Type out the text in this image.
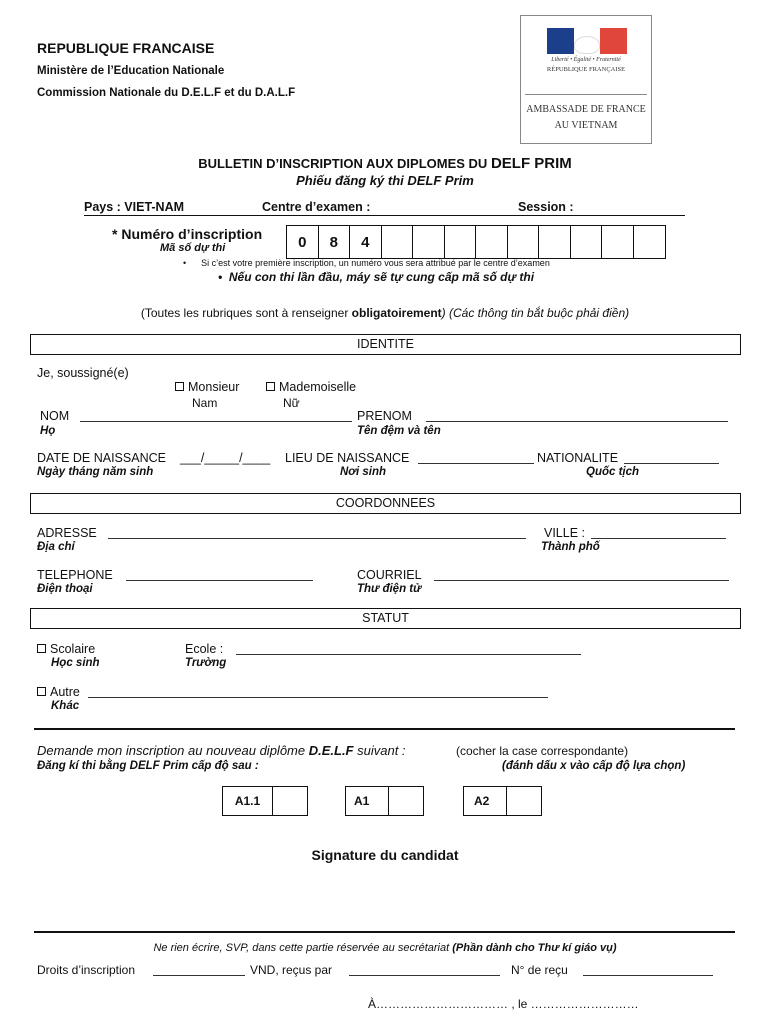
REPUBLIQUE FRANCAISE
Ministère de l’Education Nationale
Commission Nationale du D.E.L.F et du D.A.L.F
Liberté • Égalité • Fraternité
RÉPUBLIQUE FRANÇAISE
AMBASSADE DE FRANCE
AU VIETNAM
BULLETIN D’INSCRIPTION AUX DIPLOMES DU DELF PRIM
Phiếu đăng ký thi DELF Prim
Pays : VIET-NAM	Centre d’examen :	Session :
* Numéro d’inscription
Mã số dự thi	0	8	4
•      Si c’est votre première inscription, un numéro vous sera attribué par le centre d’examen
•  Nếu con thi lần đầu, máy sẽ tự cung cấp mã số dự thi
(Toutes les rubriques sont à renseigner obligatoirement) (Các thông tin bắt buộc phải điền)
IDENTITE
Je, soussigné(e)
Monsieur
Nam
Mademoiselle
Nữ
NOM
Họ
PRENOM
Tên đệm và tên
DATE DE NAISSANCE ___/_____/____
Ngày tháng năm sinh
LIEU DE NAISSANCE
Nơi sinh
NATIONALITE
Quốc tịch
COORDONNEES
ADRESSE
Địa chỉ
VILLE :
Thành phố
TELEPHONE
Điện thoại
COURRIEL
Thư điện tử
STATUT
Scolaire
Học sinh
Ecole :
Trường
Autre
Khác
Demande mon inscription au nouveau diplôme D.E.L.F suivant :	(cocher la case correspondante)
Đăng kí thi bằng DELF Prim cấp độ sau :	(đánh dấu x vào cấp độ lựa chọn)
A1.1	A1	A2
Signature du candidat
Ne rien écrire, SVP, dans cette partie réservée au secrétariat (Phần dành cho Thư kí giáo vụ)
Droits d’inscription	VND, reçus par	N° de reçu
À…………………………… , le ………………………
